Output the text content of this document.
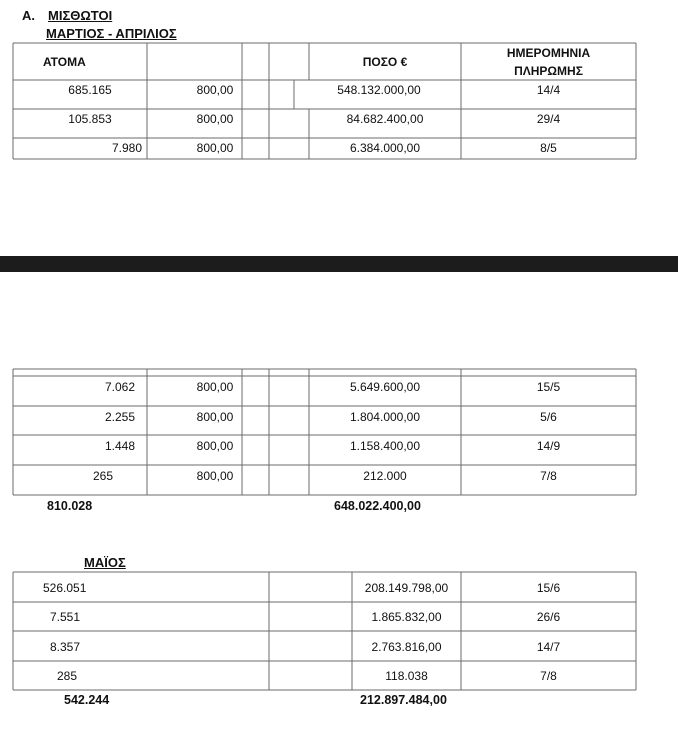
Α. ΜΙΣΘΩΤΟΙ
ΜΑΡΤΙΟΣ - ΑΠΡΙΛΙΟΣ
ΑΤΟΜΑ	ΠΟΣΟ €
ΗΜΕΡΟΜΗΝΙΑ
ΠΛΗΡΩΜΗΣ
685.165	800,00	548.132.000,00	14/4
105.853	800,00	84.682.400,00	29/4
7.980	800,00	6.384.000,00	8/5
7.062	800,00	5.649.600,00	15/5
2.255	800,00	1.804.000,00	5/6
1.448	800,00	1.158.400,00	14/9
265	800,00	212.000	7/8
810.028	648.022.400,00
ΜΑΪΟΣ
526.051	208.149.798,00	15/6
7.551	1.865.832,00	26/6
8.357	2.763.816,00	14/7
285	118.038	7/8
542.244	212.897.484,00
